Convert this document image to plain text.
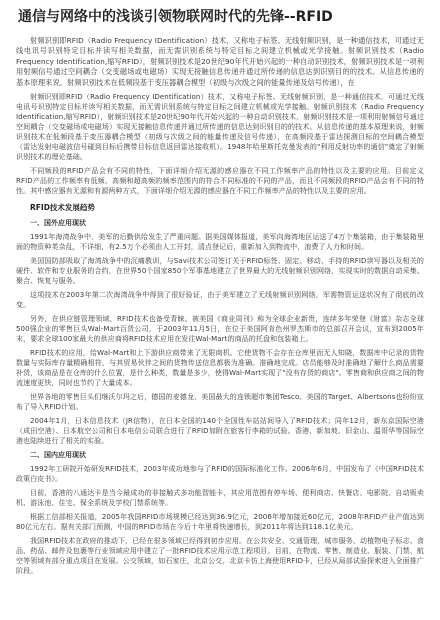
通信与网络中的浅谈引领物联网时代的先锋--RFID
射频识别即RFID（Radio Frequency IDentification）技术，又称电子标签、无线射频识别，是一种通信技术，可通过无线电讯号识别特定目标并读写相关数据，而无需识别系统与特定目标之间建立机械或光学接触。射频识别技术（Radio Frequency Identification,缩写RFID），射频识别技术是20世纪90年代开始兴起的一种自动识别技术，射频识别技术是一项利用射频信号通过空间耦合（交变磁场或电磁场）实现无接触信息传递并通过所传递的信息达到识别目的的技术。从信息传递的基本原理来说，射频识别技术在低频段基于变压器耦合模型（初级与次级之间的能量传递及信号传递），在
射频识别即RFID（Radio Frequency IDentification）技术，又称电子标签、无线射频识别，是一种通信技术，可通过无线电讯号识别特定目标并读写相关数据，而无需识别系统与特定目标之间建立机械或光学接触。射频识别技术（Radio Frequency Identification,缩写RFID），射频识别技术是20世纪90年代开始兴起的一种自动识别技术，射频识别技术是一项利用射频信号通过空间耦合（交变磁场或电磁场）实现无接触信息传递并通过所传递的信息达到识别目的的技术。从信息传递的基本原理来说，射频识别技术在低频段基于变压器耦合模型（初级与次级之间的能量传递及信号传递），在高频段基于雷达探测目标的空间耦合模型（雷达发射电磁波信号碰到目标后携带目标信息返回雷达接收机）。1948年哈里斯托克曼发表的"利用反射功率的通信"奠定了射频识别技术的理论基础。
不同频段的RFID产品会有不同的特性，下面详细介绍无源的感应器在不同工作频率产品的特性以及主要的应用。目前定义RFID产品的工作频率有低频、高频和超高频的频率范围内的符合不同标准的不同的产品，而且不同频段的RFID产品会有不同的特性。其中感应器有无源和有源两种方式，下面详细介绍无源的感应器在不同工作频率产品的特性以及主要的应用。
RFID技术发展趋势
一、国外应用现状
1991年海湾战争中，美军的后勤供给发生了严重问题。据美国媒体报道，美军向海湾地区运送了4万个集装箱，由于集装箱里面的物资种类杂乱，不详细，有2.5万个必须由人工开封，清点登记后，重新加入到物流中，浪费了人力和时间。
美国国防部吸取了海湾战争中的沉痛教训，与Savi技术公司签订关于RFID标签、固定、移动、手持的RFID读写器以及相关的硬件、软件和专业服务的合约，在世界50个国家850个军事基地建立了世界最大的无线射频识别网络，实现实时的数据自动采集、聚合、恢复与服务。
这项技术在2003年第二次海湾战争中得到了很好验证，由于美军建立了无线射频识别网络，军需物资运送状况有了彻底的改变。
另外，在供应链管理领域，RFID技术也备受青睐。被美国《商业周刊》称为全球企业新贵，连续多年荣登《财富》杂志全球500强企业的零售巨头Wal-Mart百货公司，于2003年11月5日，在位于美国阿肯色州罗杰斯市的总部召开会议，宣布到2005年末，要求全球100家最大的供应商将RFID技术应用在发往Wal-Mart的商品的托盘和包装箱上。
RFID技术的应用，给Wal-Mart和上下游供应商带来了无限商机。它使货物不会存在仓库里而无人知晓，数据库中记录的货物数量与实际库存量精确相符，与其贸易伙伴之间的货物传送信息都极为准确。准确地完成。店员能够及时准确地了解什么商品需要补货，该商品是在仓库的什么位置，是什么种类，数量是多少，使得Wal-Mart实现了"没有存货的商店"。零售商和供应商之间的物流速度更快，同时也节约了大量成本。
世界各地的零售巨头们继沃尔玛之后，德国的麦德龙、美国最大的连锁超市集团Tesco、美国的Target、Albertsons也纷纷宣布了导入RFID计划。
2004年1月，日本信息技术（JR信物），在日本全国的140个全国性车站站间导入了RFID技术；同年12月，新东京国际空港（成田空港）、日本航空公司和日本电信公司联合进行了RFID加附在旅客行李箱的试验。香港、新加坡、旧金山、温哥华等国际空港也陆续进行了相关的实验。
二、国内应用现状
1992年工研院开始研发RFID技术，2003年成功地参与了RFID的国际标准化工作。2006年6月，中国发布了《中国RFID技术政策白皮书》。
目前，香港的八通达卡是当今最成功的非接触式多功能智能卡，其应用范围有停车场、便利商店、快餐店、电影院、自动贩卖机、游泳池、住宅、保全系统及学校门禁系统等。
根据工信部相关报道，2005年我国RFID市场规模已经达到36.9亿元，2006年增加接近60亿元，2008年RFID产业产值达到80亿元左右。据有关部门预测，中国的RFID市场在今后十年里将快速增长，到2011年将达到118.1亿美元。
我国RFID技术在政府的推动下，已经在很多领域已经得到初步应用。在公共安全、交通管理、城市服务、动植物电子标志、食品、药品、邮件及包裹等行业领域应用中建立了一批RFID技术应用示范工程项目。目前，在物流、零售、制造业、服装、门禁、航空等领域有部分重点项目在发展。公交领域，如石家庄，北京公交，北京卡仿上海使用RFID卡，已经从局部试验探索进入全面推广阶段。
